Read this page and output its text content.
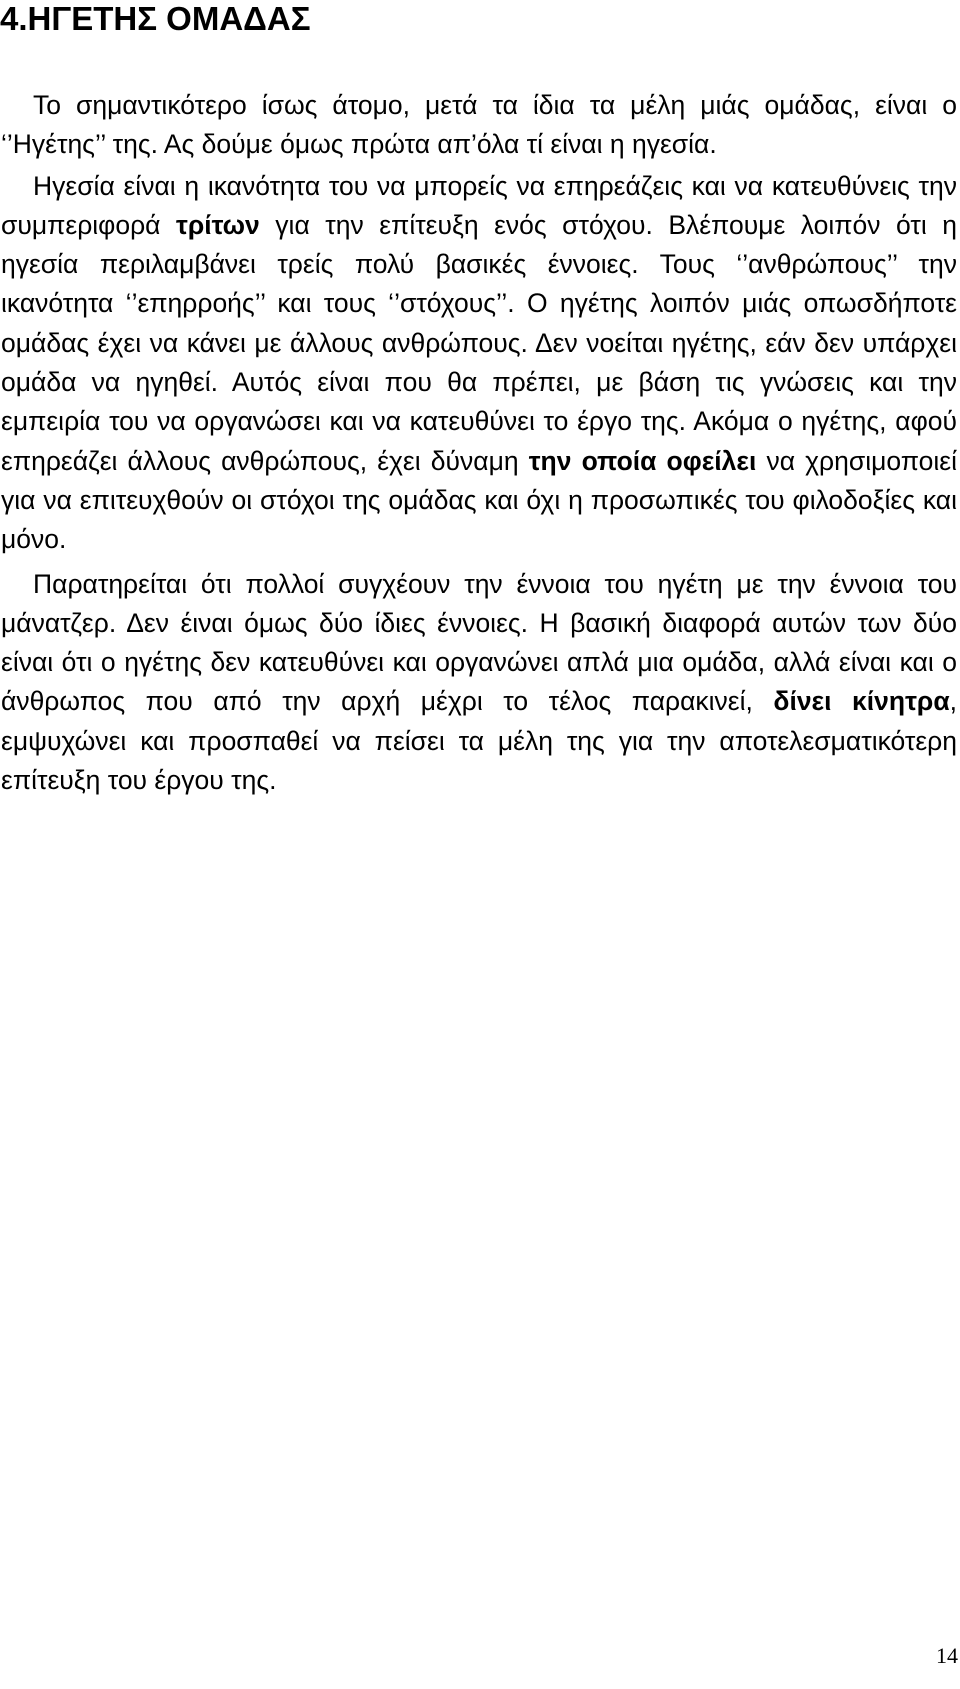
4.ΗΓΕΤΗΣ ΟΜΑΔΑΣ

Το σημαντικότερο ίσως άτομο, μετά τα ίδια τα μέλη μιάς ομάδας, είναι ο ‘’Ηγέτης’’ της. Ας δούμε όμως πρώτα απ’όλα τί είναι η ηγεσία.

Ηγεσία είναι η ικανότητα του να μπορείς να επηρεάζεις και να κατευθύνεις την συμπεριφορά τρίτων για την επίτευξη ενός στόχου. Βλέπουμε λοιπόν ότι η ηγεσία περιλαμβάνει τρείς πολύ βασικές έννοιες. Τους ‘’ανθρώπους’’ την ικανότητα ‘’επηρροής’’ και τους ‘’στόχους’’. Ο ηγέτης λοιπόν μιάς οπωσδήποτε ομάδας έχει να κάνει με άλλους ανθρώπους. Δεν νοείται ηγέτης, εάν δεν υπάρχει ομάδα να ηγηθεί. Αυτός είναι που θα πρέπει, με βάση τις γνώσεις και την εμπειρία του να οργανώσει και να κατευθύνει το έργο της. Ακόμα ο ηγέτης, αφού επηρεάζει άλλους ανθρώπους, έχει δύναμη την οποία οφείλει να χρησιμοποιεί για να επιτευχθούν οι στόχοι της ομάδας και όχι η προσωπικές του φιλοδοξίες και μόνο.

Παρατηρείται ότι πολλοί συγχέουν την έννοια του ηγέτη με την έννοια του μάνατζερ. Δεν έιναι όμως δύο ίδιες έννοιες. Η βασική διαφορά αυτών των δύο είναι ότι ο ηγέτης δεν κατευθύνει και οργανώνει απλά μια ομάδα, αλλά είναι και ο άνθρωπος που από την αρχή μέχρι το τέλος παρακινεί, δίνει κίνητρα, εμψυχώνει και προσπαθεί να πείσει τα μέλη της για την αποτελεσματικότερη επίτευξη του έργου της.

14
